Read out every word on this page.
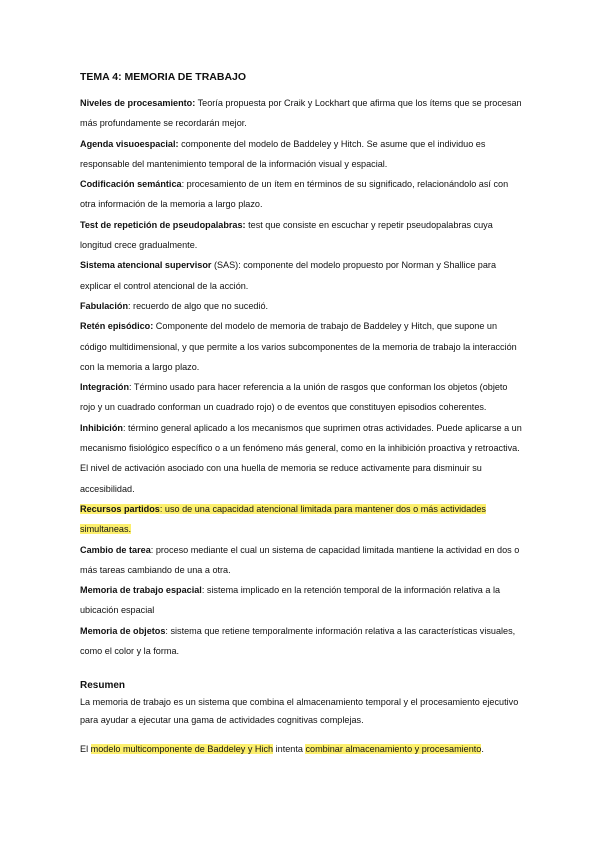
TEMA 4: MEMORIA DE TRABAJO

Niveles de procesamiento: Teoría propuesta por Craik y Lockhart que afirma que los ítems que se procesan más profundamente se recordarán mejor.

Agenda visuoespacial: componente del modelo de Baddeley y Hitch. Se asume que el individuo es responsable del mantenimiento temporal de la información visual y espacial.

Codificación semántica: procesamiento de un ítem en términos de su significado, relacionándolo así con otra información de la memoria a largo plazo.

Test de repetición de pseudopalabras: test que consiste en escuchar y repetir pseudopalabras cuya longitud crece gradualmente.

Sistema atencional supervisor (SAS): componente del modelo propuesto por Norman y Shallice para explicar el control atencional de la acción.

Fabulación: recuerdo de algo que no sucedió.

Retén episódico: Componente del modelo de memoria de trabajo de Baddeley y Hitch, que supone un código multidimensional, y que permite a los varios subcomponentes de la memoria de trabajo la interacción con la memoria a largo plazo.

Integración: Término usado para hacer referencia a la unión de rasgos que conforman los objetos (objeto rojo y un cuadrado conforman un cuadrado rojo) o de eventos que constituyen episodios coherentes.

Inhibición: término general aplicado a los mecanismos que suprimen otras actividades. Puede aplicarse a un mecanismo fisiológico específico o a un fenómeno más general, como en la inhibición proactiva y retroactiva. El nivel de activación asociado con una huella de memoria se reduce activamente para disminuir su accesibilidad.

Recursos partidos: uso de una capacidad atencional limitada para mantener dos o más actividades simultaneas.

Cambio de tarea: proceso mediante el cual un sistema de capacidad limitada mantiene la actividad en dos o más tareas cambiando de una a otra.

Memoria de trabajo espacial: sistema implicado en la retención temporal de la información relativa a la ubicación espacial

Memoria de objetos: sistema que retiene temporalmente información relativa a las características visuales, como el color y la forma.

Resumen

La memoria de trabajo es un sistema que combina el almacenamiento temporal y el procesamiento ejecutivo para ayudar a ejecutar una gama de actividades cognitivas complejas.

El modelo multicomponente de Baddeley y Hich intenta combinar almacenamiento y procesamiento.
